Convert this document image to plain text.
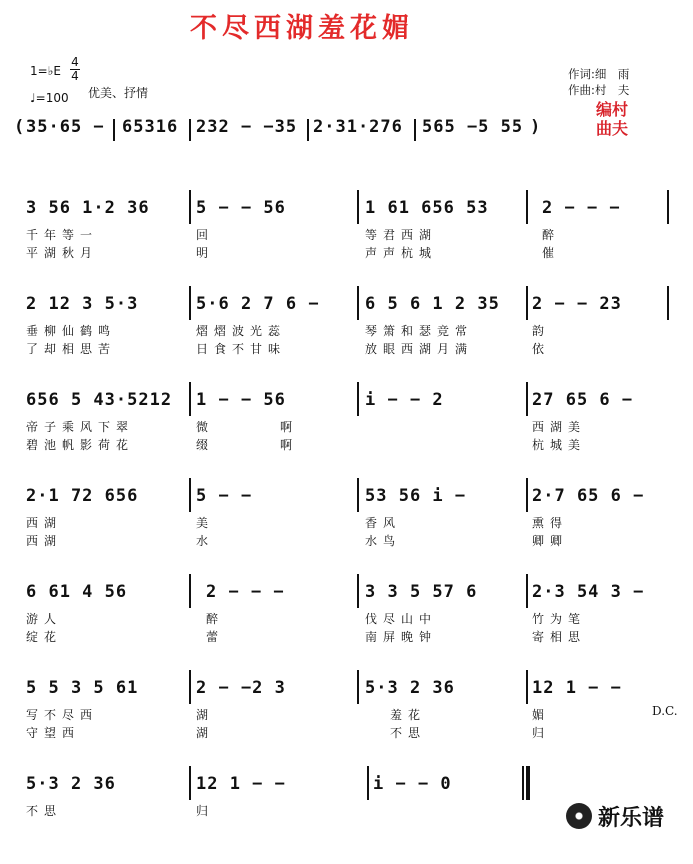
不尽西湖羞花媚
1=♭E
4
4
♩=100 优美、抒情
作词:细　雨
作曲:村　夫
编村
曲夫
( 35·65 − 65316 232 − −35 2·31·276 565 −5 55 )
3 56 1·2 36	5 − − 56	1 61 656 53	2 − − −
千年等一	回	等君西湖	醉
平湖秋月	明	声声杭城	催
2 12 3 5·3	5·6 2 7 6 −	6 5 6 1 2 35 2 − − 23
垂柳仙鹤鸣	熠熠波光蕊	琴箫和瑟竞常	韵
了却相思苦	日食不甘味	放眼西湖月满	依
656 5 43·5212 1 − − 56	i − − 2	27 65 6 −
帝子乘风下翠	微	啊	西湖美
碧池帆影荷花	缀	啊	杭城美
2·1 72 656	5 − −	53 56 i −	2·7 65 6 −
西湖	美	香风	熏得
西湖	水	水鸟	卿卿
6 61 4 56	2 − − −	3 3 5 57 6	2·3 54 3 −
游人	醉	伐尽山中	竹为笔
绽花	蕾	南屏晚钟	寄相思
5 5 3 5 61	2 − −2 3	5·3 2 36	12 1 − −
D.C.
写不尽西	湖	羞花	媚
守望西	湖	不思	归
5·3 2 36	12 1 − −	i − − 0
不思	归	新乐谱
